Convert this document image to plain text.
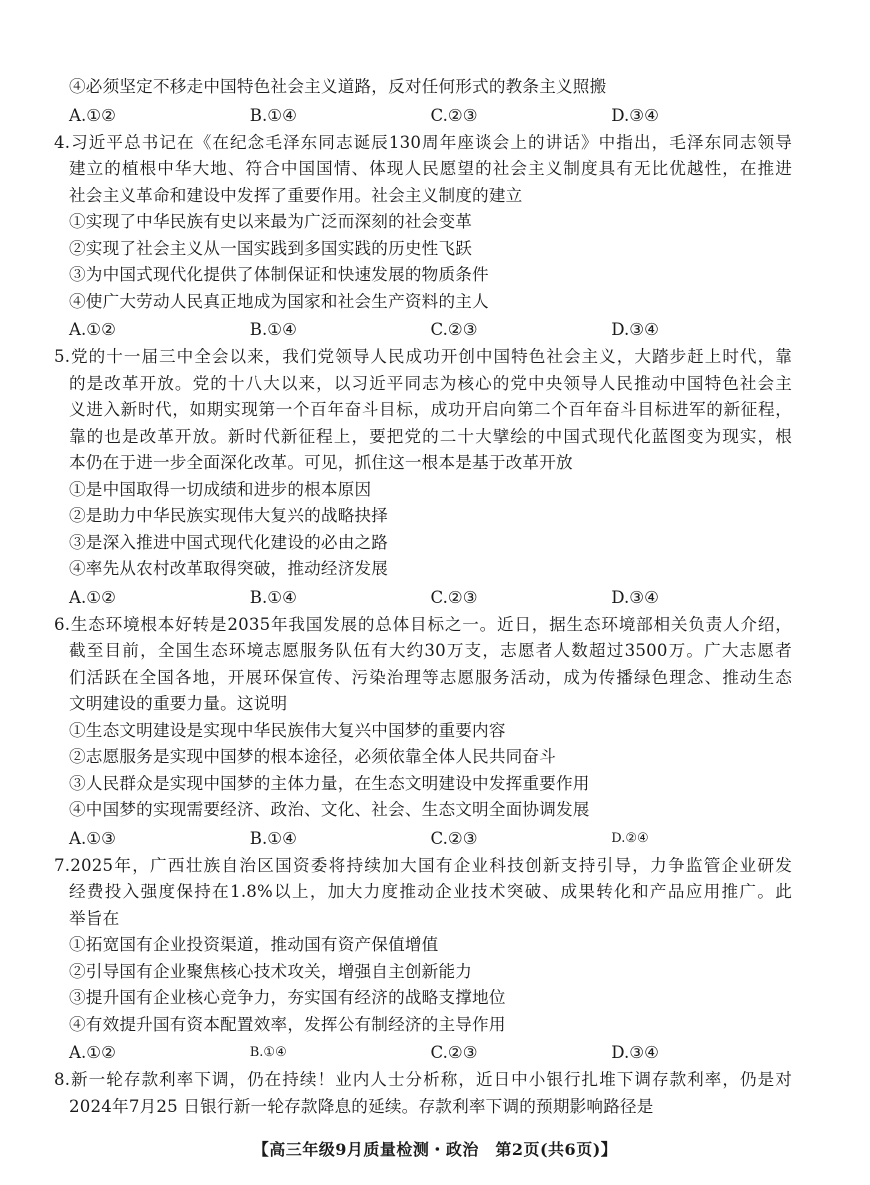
④必须坚定不移走中国特色社会主义道路，反对任何形式的教条主义照搬
A.①②	B.①④	C.②③	D.③④
4.习近平总书记在《在纪念毛泽东同志诞辰130周年座谈会上的讲话》中指出，毛泽东同志领导
建立的植根中华大地、符合中国国情、体现人民愿望的社会主义制度具有无比优越性，在推进
社会主义革命和建设中发挥了重要作用。社会主义制度的建立
①实现了中华民族有史以来最为广泛而深刻的社会变革
②实现了社会主义从一国实践到多国实践的历史性飞跃
③为中国式现代化提供了体制保证和快速发展的物质条件
④使广大劳动人民真正地成为国家和社会生产资料的主人
A.①②	B.①④	C.②③	D.③④
5.党的十一届三中全会以来，我们党领导人民成功开创中国特色社会主义，大踏步赶上时代，靠
的是改革开放。党的十八大以来，以习近平同志为核心的党中央领导人民推动中国特色社会主
义进入新时代，如期实现第一个百年奋斗目标，成功开启向第二个百年奋斗目标进军的新征程，
靠的也是改革开放。新时代新征程上，要把党的二十大擘绘的中国式现代化蓝图变为现实，根
本仍在于进一步全面深化改革。可见，抓住这一根本是基于改革开放
①是中国取得一切成绩和进步的根本原因
②是助力中华民族实现伟大复兴的战略抉择
③是深入推进中国式现代化建设的必由之路
④率先从农村改革取得突破，推动经济发展
A.①②	B.①④	C.②③	D.③④
6.生态环境根本好转是2035年我国发展的总体目标之一。近日，据生态环境部相关负责人介绍，
截至目前，全国生态环境志愿服务队伍有大约30万支，志愿者人数超过3500万。广大志愿者
们活跃在全国各地，开展环保宣传、污染治理等志愿服务活动，成为传播绿色理念、推动生态
文明建设的重要力量。这说明
①生态文明建设是实现中华民族伟大复兴中国梦的重要内容
②志愿服务是实现中国梦的根本途径，必须依靠全体人民共同奋斗
③人民群众是实现中国梦的主体力量，在生态文明建设中发挥重要作用
④中国梦的实现需要经济、政治、文化、社会、生态文明全面协调发展
A.①③	B.①④	C.②③	D.②④
7.2025年，广西壮族自治区国资委将持续加大国有企业科技创新支持引导，力争监管企业研发
经费投入强度保持在1.8%以上，加大力度推动企业技术突破、成果转化和产品应用推广。此
举旨在
①拓宽国有企业投资渠道，推动国有资产保值增值
②引导国有企业聚焦核心技术攻关，增强自主创新能力
③提升国有企业核心竞争力，夯实国有经济的战略支撑地位
④有效提升国有资本配置效率，发挥公有制经济的主导作用
A.①②	B.①④	C.②③	D.③④
8.新一轮存款利率下调，仍在持续！业内人士分析称，近日中小银行扎堆下调存款利率，仍是对
2024年7月25 日银行新一轮存款降息的延续。存款利率下调的预期影响路径是
【高三年级9月质量检测・政治　第2页(共6页)】
